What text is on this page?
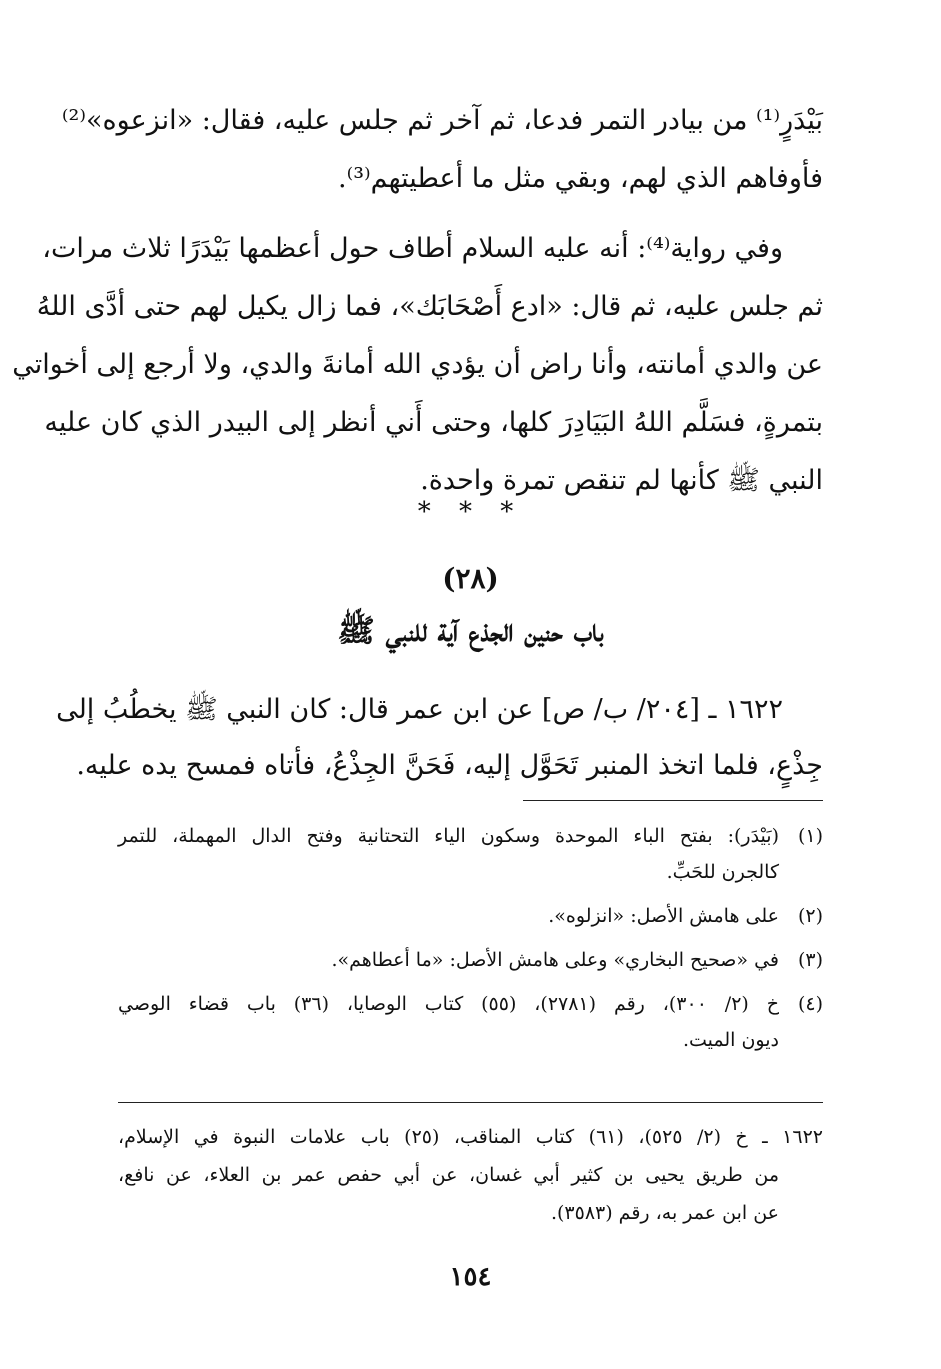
بَيْدَرٍ⁽¹⁾ من بيادر التمر فدعا، ثم آخر ثم جلس عليه، فقال: «انزعوه»⁽²⁾
فأوفاهم الذي لهم، وبقي مثل ما أعطيتهم⁽³⁾.
وفي رواية⁽⁴⁾: أنه عليه السلام أطاف حول أعظمها بَيْدَرًا ثلاث مرات،
ثم جلس عليه، ثم قال: «ادع أَصْحَابَك»، فما زال يكيل لهم حتى أدَّى اللهُ
عن والدي أمانته، وأنا راض أن يؤدي الله أمانةَ والدي، ولا أرجع إلى أخواتي
بتمرةٍ، فسَلَّم اللهُ البَيَادِرَ كلها، وحتى أَني أنظر إلى البيدر الذي كان عليه
النبي ﷺ كأنها لم تنقص تمرة واحدة.
* * *
(٢٨)
باب حنين الجذع آية للنبي ﷺ
١٦٢٢ ـ [٢٠٤/ ب/ ص] عن ابن عمر قال: كان النبي ﷺ يخطُبُ إلى
جِذْعٍ، فلما اتخذ المنبر تَحَوَّل إليه، فَحَنَّ الجِذْعُ، فأتاه فمسح يده عليه.
(١)
(بَيْدَر): بفتح الباء الموحدة وسكون الياء التحتانية وفتح الدال المهملة، للتمر
كالجرن للحَبِّ.
(٢)
على هامش الأصل: «انزلوه».
(٣)
في «صحيح البخاري» وعلى هامش الأصل: «ما أعطاهم».
(٤)
خ (٢/ ٣٠٠)، رقم (٢٧٨١)، (٥٥) كتاب الوصايا، (٣٦) باب قضاء الوصي
ديون الميت.
١٦٢٢ ـ خ (٢/ ٥٢٥)، (٦١) كتاب المناقب، (٢٥) باب علامات النبوة في الإسلام،
من طريق يحيى بن كثير أبي غسان، عن أبي حفص عمر بن العلاء، عن نافع،
عن ابن عمر به، رقم (٣٥٨٣).
١٥٤
